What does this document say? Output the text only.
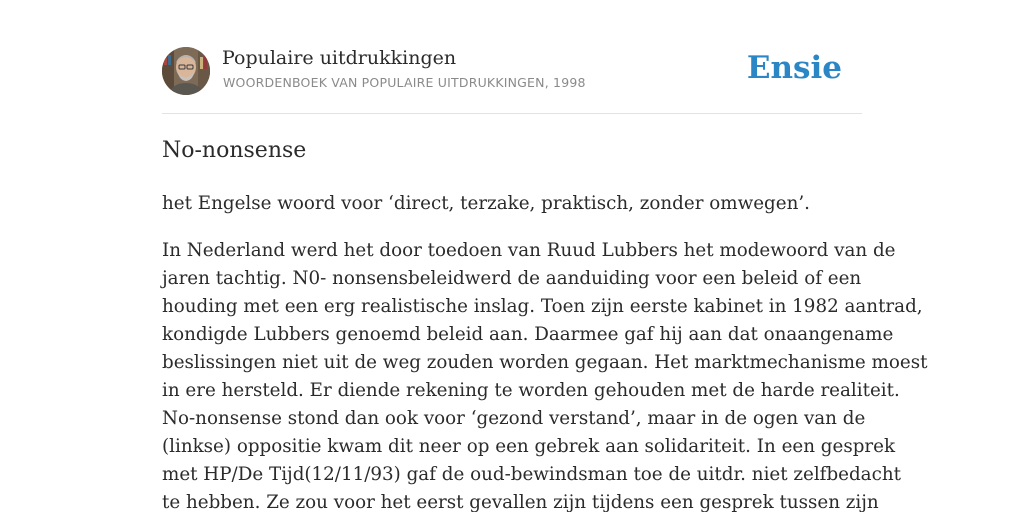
Populaire uitdrukkingen
WOORDENBOEK VAN POPULAIRE UITDRUKKINGEN, 1998	Ensie
No-nonsense

het Engelse woord voor ‘direct, terzake, praktisch, zonder omwegen’.

In Nederland werd het door toedoen van Ruud Lubbers het modewoord van de
jaren tachtig. N0- nonsensbeleidwerd de aanduiding voor een beleid of een
houding met een erg realistische inslag. Toen zijn eerste kabinet in 1982 aantrad,
kondigde Lubbers genoemd beleid aan. Daarmee gaf hij aan dat onaangename
beslissingen niet uit de weg zouden worden gegaan. Het marktmechanisme moest
in ere hersteld. Er diende rekening te worden gehouden met de harde realiteit.
No-nonsense stond dan ook voor ‘gezond verstand’, maar in de ogen van de
(linkse) oppositie kwam dit neer op een gebrek aan solidariteit. In een gesprek
met HP/De Tijd(12/11/93) gaf de oud-bewindsman toe de uitdr. niet zelfbedacht
te hebben. Ze zou voor het eerst gevallen zijn tijdens een gesprek tussen zijn
